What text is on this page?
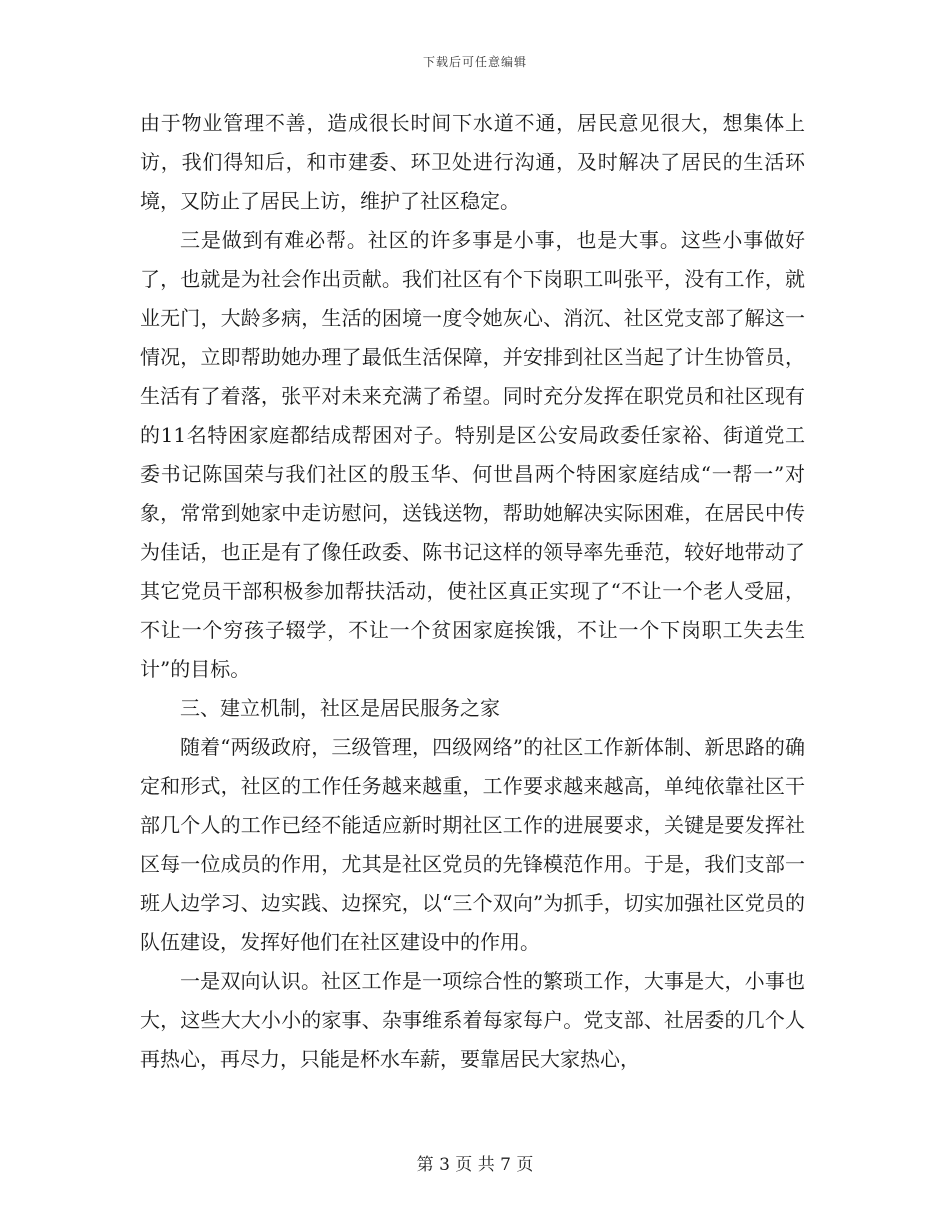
下载后可任意编辑

由于物业管理不善，造成很长时间下水道不通，居民意见很大，想集体上访，我们得知后，和市建委、环卫处进行沟通，及时解决了居民的生活环境，又防止了居民上访，维护了社区稳定。

三是做到有难必帮。社区的许多事是小事，也是大事。这些小事做好了，也就是为社会作出贡献。我们社区有个下岗职工叫张平，没有工作，就业无门，大龄多病，生活的困境一度令她灰心、消沉、社区党支部了解这一情况，立即帮助她办理了最低生活保障，并安排到社区当起了计生协管员，生活有了着落，张平对未来充满了希望。同时充分发挥在职党员和社区现有的11名特困家庭都结成帮困对子。特别是区公安局政委任家裕、街道党工委书记陈国荣与我们社区的殷玉华、何世昌两个特困家庭结成“一帮一”对象，常常到她家中走访慰问，送钱送物，帮助她解决实际困难，在居民中传为佳话，也正是有了像任政委、陈书记这样的领导率先垂范，较好地带动了其它党员干部积极参加帮扶活动，使社区真正实现了“不让一个老人受屈，不让一个穷孩子辍学，不让一个贫困家庭挨饿，不让一个下岗职工失去生计”的目标。

三、建立机制，社区是居民服务之家

随着“两级政府，三级管理，四级网络”的社区工作新体制、新思路的确定和形式，社区的工作任务越来越重，工作要求越来越高，单纯依靠社区干部几个人的工作已经不能适应新时期社区工作的进展要求，关键是要发挥社区每一位成员的作用，尤其是社区党员的先锋模范作用。于是，我们支部一班人边学习、边实践、边探究，以“三个双向”为抓手，切实加强社区党员的队伍建设，发挥好他们在社区建设中的作用。

一是双向认识。社区工作是一项综合性的繁琐工作，大事是大，小事也大，这些大大小小的家事、杂事维系着每家每户。党支部、社居委的几个人再热心，再尽力，只能是杯水车薪，要靠居民大家热心，

第 3 页 共 7 页
